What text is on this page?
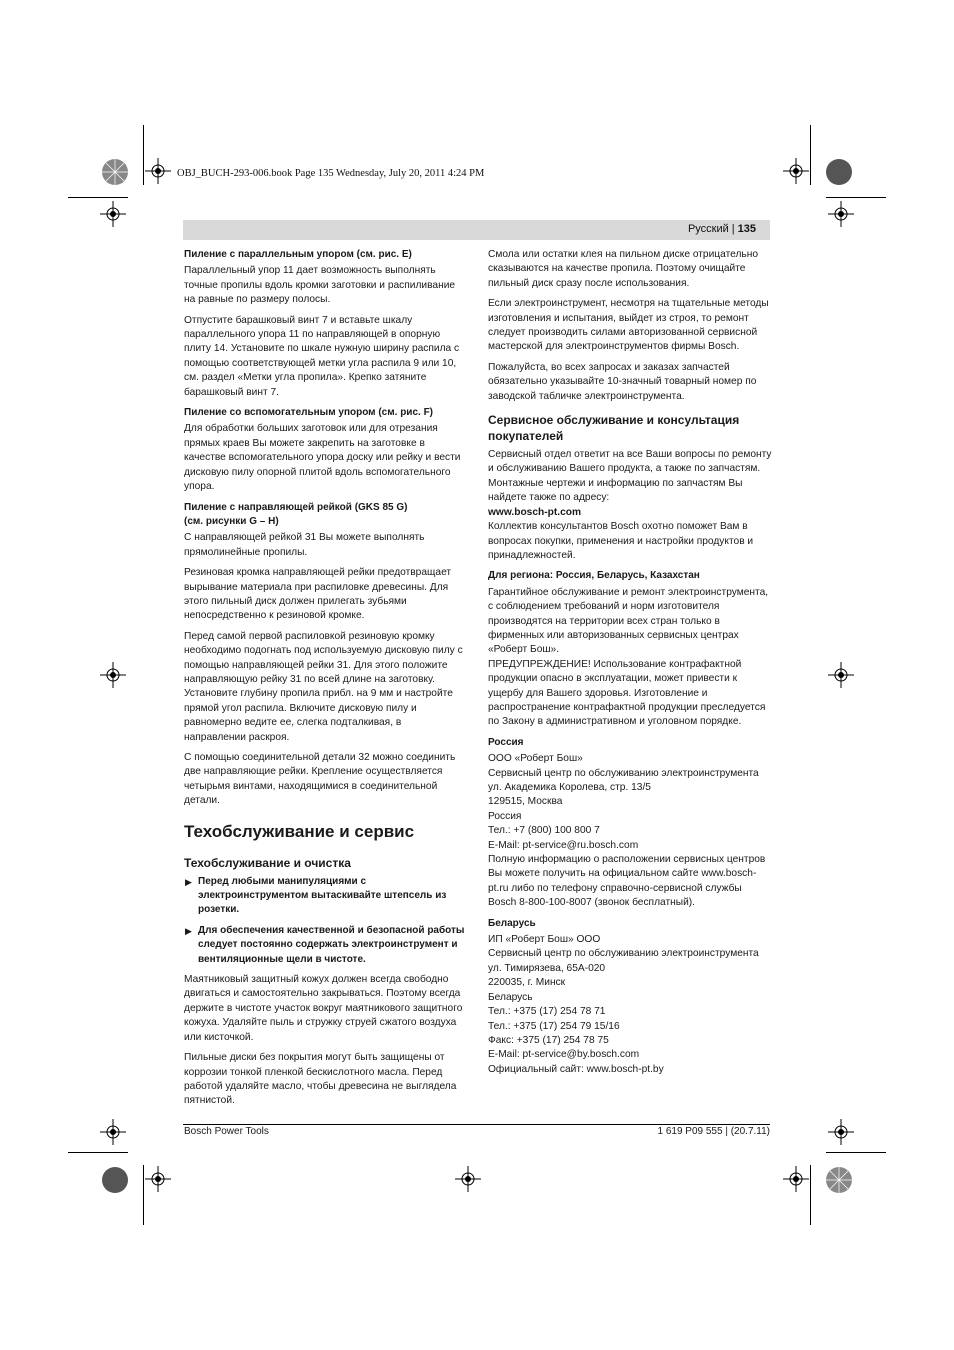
OBJ_BUCH-293-006.book Page 135 Wednesday, July 20, 2011 4:24 PM
Русский | 135
Пиление с параллельным упором (см. рис. E)

Параллельный упор 11 дает возможность выполнять точные пропилы вдоль кромки заготовки и распиливание на равные по размеру полосы.

Отпустите барашковый винт 7 и вставьте шкалу параллельного упора 11 по направляющей в опорную плиту 14. Установите по шкале нужную ширину распила с помощью соответствующей метки угла распила 9 или 10, см. раздел «Метки угла пропила». Крепко затяните барашковый винт 7.

Пиление со вспомогательным упором (см. рис. F)

Для обработки больших заготовок или для отрезания прямых краев Вы можете закрепить на заготовке в качестве вспомогательного упора доску или рейку и вести дисковую пилу опорной плитой вдоль вспомогательного упора.

Пиление с направляющей рейкой (GKS 85 G)
(см. рисунки G – H)

С направляющей рейкой 31 Вы можете выполнять прямолинейные пропилы.

Резиновая кромка направляющей рейки предотвращает вырывание материала при распиловке древесины. Для этого пильный диск должен прилегать зубьями непосредственно к резиновой кромке.

Перед самой первой распиловкой резиновую кромку необходимо подогнать под используемую дисковую пилу с помощью направляющей рейки 31. Для этого положите направляющую рейку 31 по всей длине на заготовку. Установите глубину пропила прибл. на 9 мм и настройте прямой угол распила. Включите дисковую пилу и равномерно ведите ее, слегка подталкивая, в направлении раскроя.

С помощью соединительной детали 32 можно соединить две направляющие рейки. Крепление осуществляется четырьмя винтами, находящимися в соединительной детали.

Техобслуживание и сервис
Техобслуживание и очистка
▶ Перед любыми манипуляциями с электроинструментом вытаскивайте штепсель из розетки.
▶ Для обеспечения качественной и безопасной работы следует постоянно содержать электроинструмент и вентиляционные щели в чистоте.

Маятниковый защитный кожух должен всегда свободно двигаться и самостоятельно закрываться. Поэтому всегда держите в чистоте участок вокруг маятникового защитного кожуха. Удаляйте пыль и стружку струей сжатого воздуха или кисточкой.

Пильные диски без покрытия могут быть защищены от коррозии тонкой пленкой бескислотного масла. Перед работой удаляйте масло, чтобы древесина не выглядела пятнистой.

Смола или остатки клея на пильном диске отрицательно сказываются на качестве пропила. Поэтому очищайте пильный диск сразу после использования.

Если электроинструмент, несмотря на тщательные методы изготовления и испытания, выйдет из строя, то ремонт следует производить силами авторизованной сервисной мастерской для электроинструментов фирмы Bosch.

Пожалуйста, во всех запросах и заказах запчастей обязательно указывайте 10-значный товарный номер по заводской табличке электроинструмента.

Сервисное обслуживание и консультация покупателей

Сервисный отдел ответит на все Ваши вопросы по ремонту и обслуживанию Вашего продукта, а также по запчастям. Монтажные чертежи и информацию по запчастям Вы найдете также по адресу:

www.bosch-pt.com

Коллектив консультантов Bosch охотно поможет Вам в вопросах покупки, применения и настройки продуктов и принадлежностей.

Для региона: Россия, Беларусь, Казахстан

Гарантийное обслуживание и ремонт электроинструмента, с соблюдением требований и норм изготовителя производятся на территории всех стран только в фирменных или авторизованных сервисных центрах «Роберт Бош».

ПРЕДУПРЕЖДЕНИЕ! Использование контрафактной продукции опасно в эксплуатации, может привести к ущербу для Вашего здоровья. Изготовление и распространение контрафактной продукции преследуется по Закону в административном и уголовном порядке.

Россия
ООО «Роберт Бош»
Сервисный центр по обслуживанию электроинструмента
ул. Академика Королева, стр. 13/5
129515, Москва
Россия
Тел.: +7 (800) 100 800 7
E-Mail: pt-service@ru.bosch.com
Полную информацию о расположении сервисных центров Вы можете получить на официальном сайте www.bosch-pt.ru либо по телефону справочно-сервисной службы Bosch 8-800-100-8007 (звонок бесплатный).
Беларусь
ИП «Роберт Бош» ООО
Сервисный центр по обслуживанию электроинструмента
ул. Тимирязева, 65А-020
220035, г. Минск
Беларусь
Тел.: +375 (17) 254 78 71
Тел.: +375 (17) 254 79 15/16
Факс: +375 (17) 254 78 75
E-Mail: pt-service@by.bosch.com
Официальный сайт: www.bosch-pt.by
Bosch Power Tools	1 619 P09 555 | (20.7.11)
